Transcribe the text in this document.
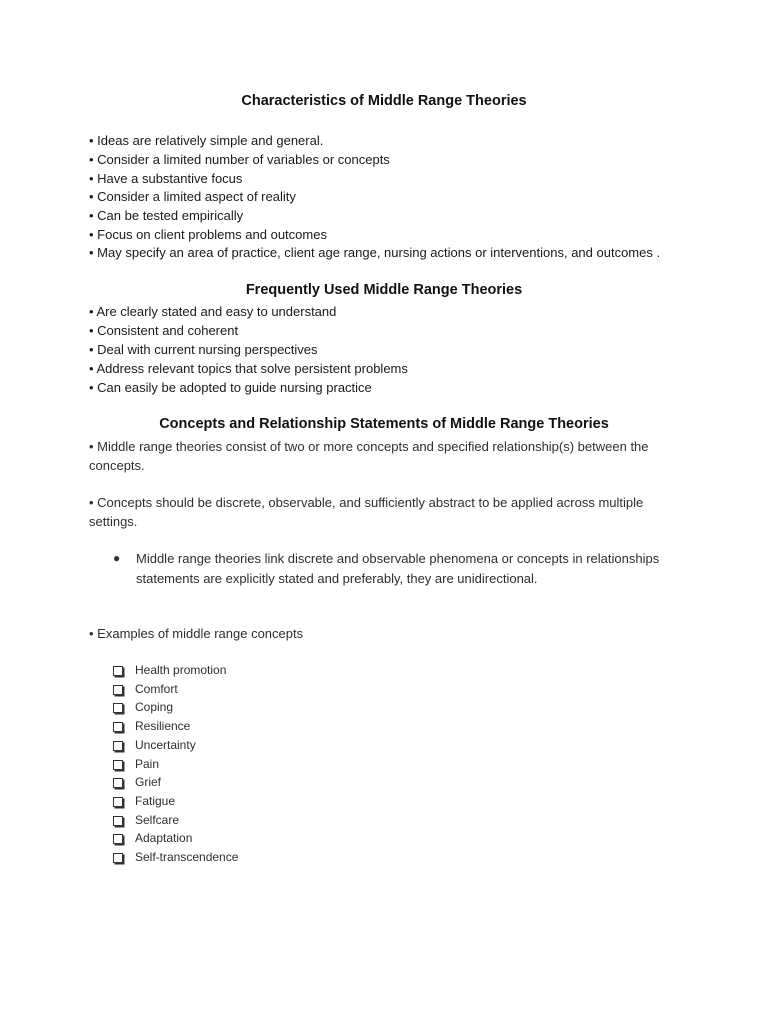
Characteristics of Middle Range Theories
• Ideas are relatively simple and general.
• Consider a limited number of variables or concepts
• Have a substantive focus
• Consider a limited aspect of reality
• Can be tested empirically
• Focus on client problems and outcomes
• May specify an area of practice, client age range, nursing actions or interventions, and outcomes .
Frequently Used Middle Range Theories
• Are clearly stated and easy to understand
• Consistent and coherent
• Deal with current nursing perspectives
• Address relevant topics that solve persistent problems
• Can easily be adopted to guide nursing practice
Concepts and Relationship Statements of Middle Range Theories
• Middle range theories consist of two or more concepts and specified relationship(s) between the concepts.
• Concepts should be discrete, observable, and sufficiently abstract to be applied across multiple settings.
● Middle range theories link discrete and observable phenomena or concepts in relationships statements are explicitly stated and preferably, they are unidirectional.
• Examples of middle range concepts
Health promotion
Comfort
Coping
Resilience
Uncertainty
Pain
Grief
Fatigue
Selfcare
Adaptation
Self-transcendence
